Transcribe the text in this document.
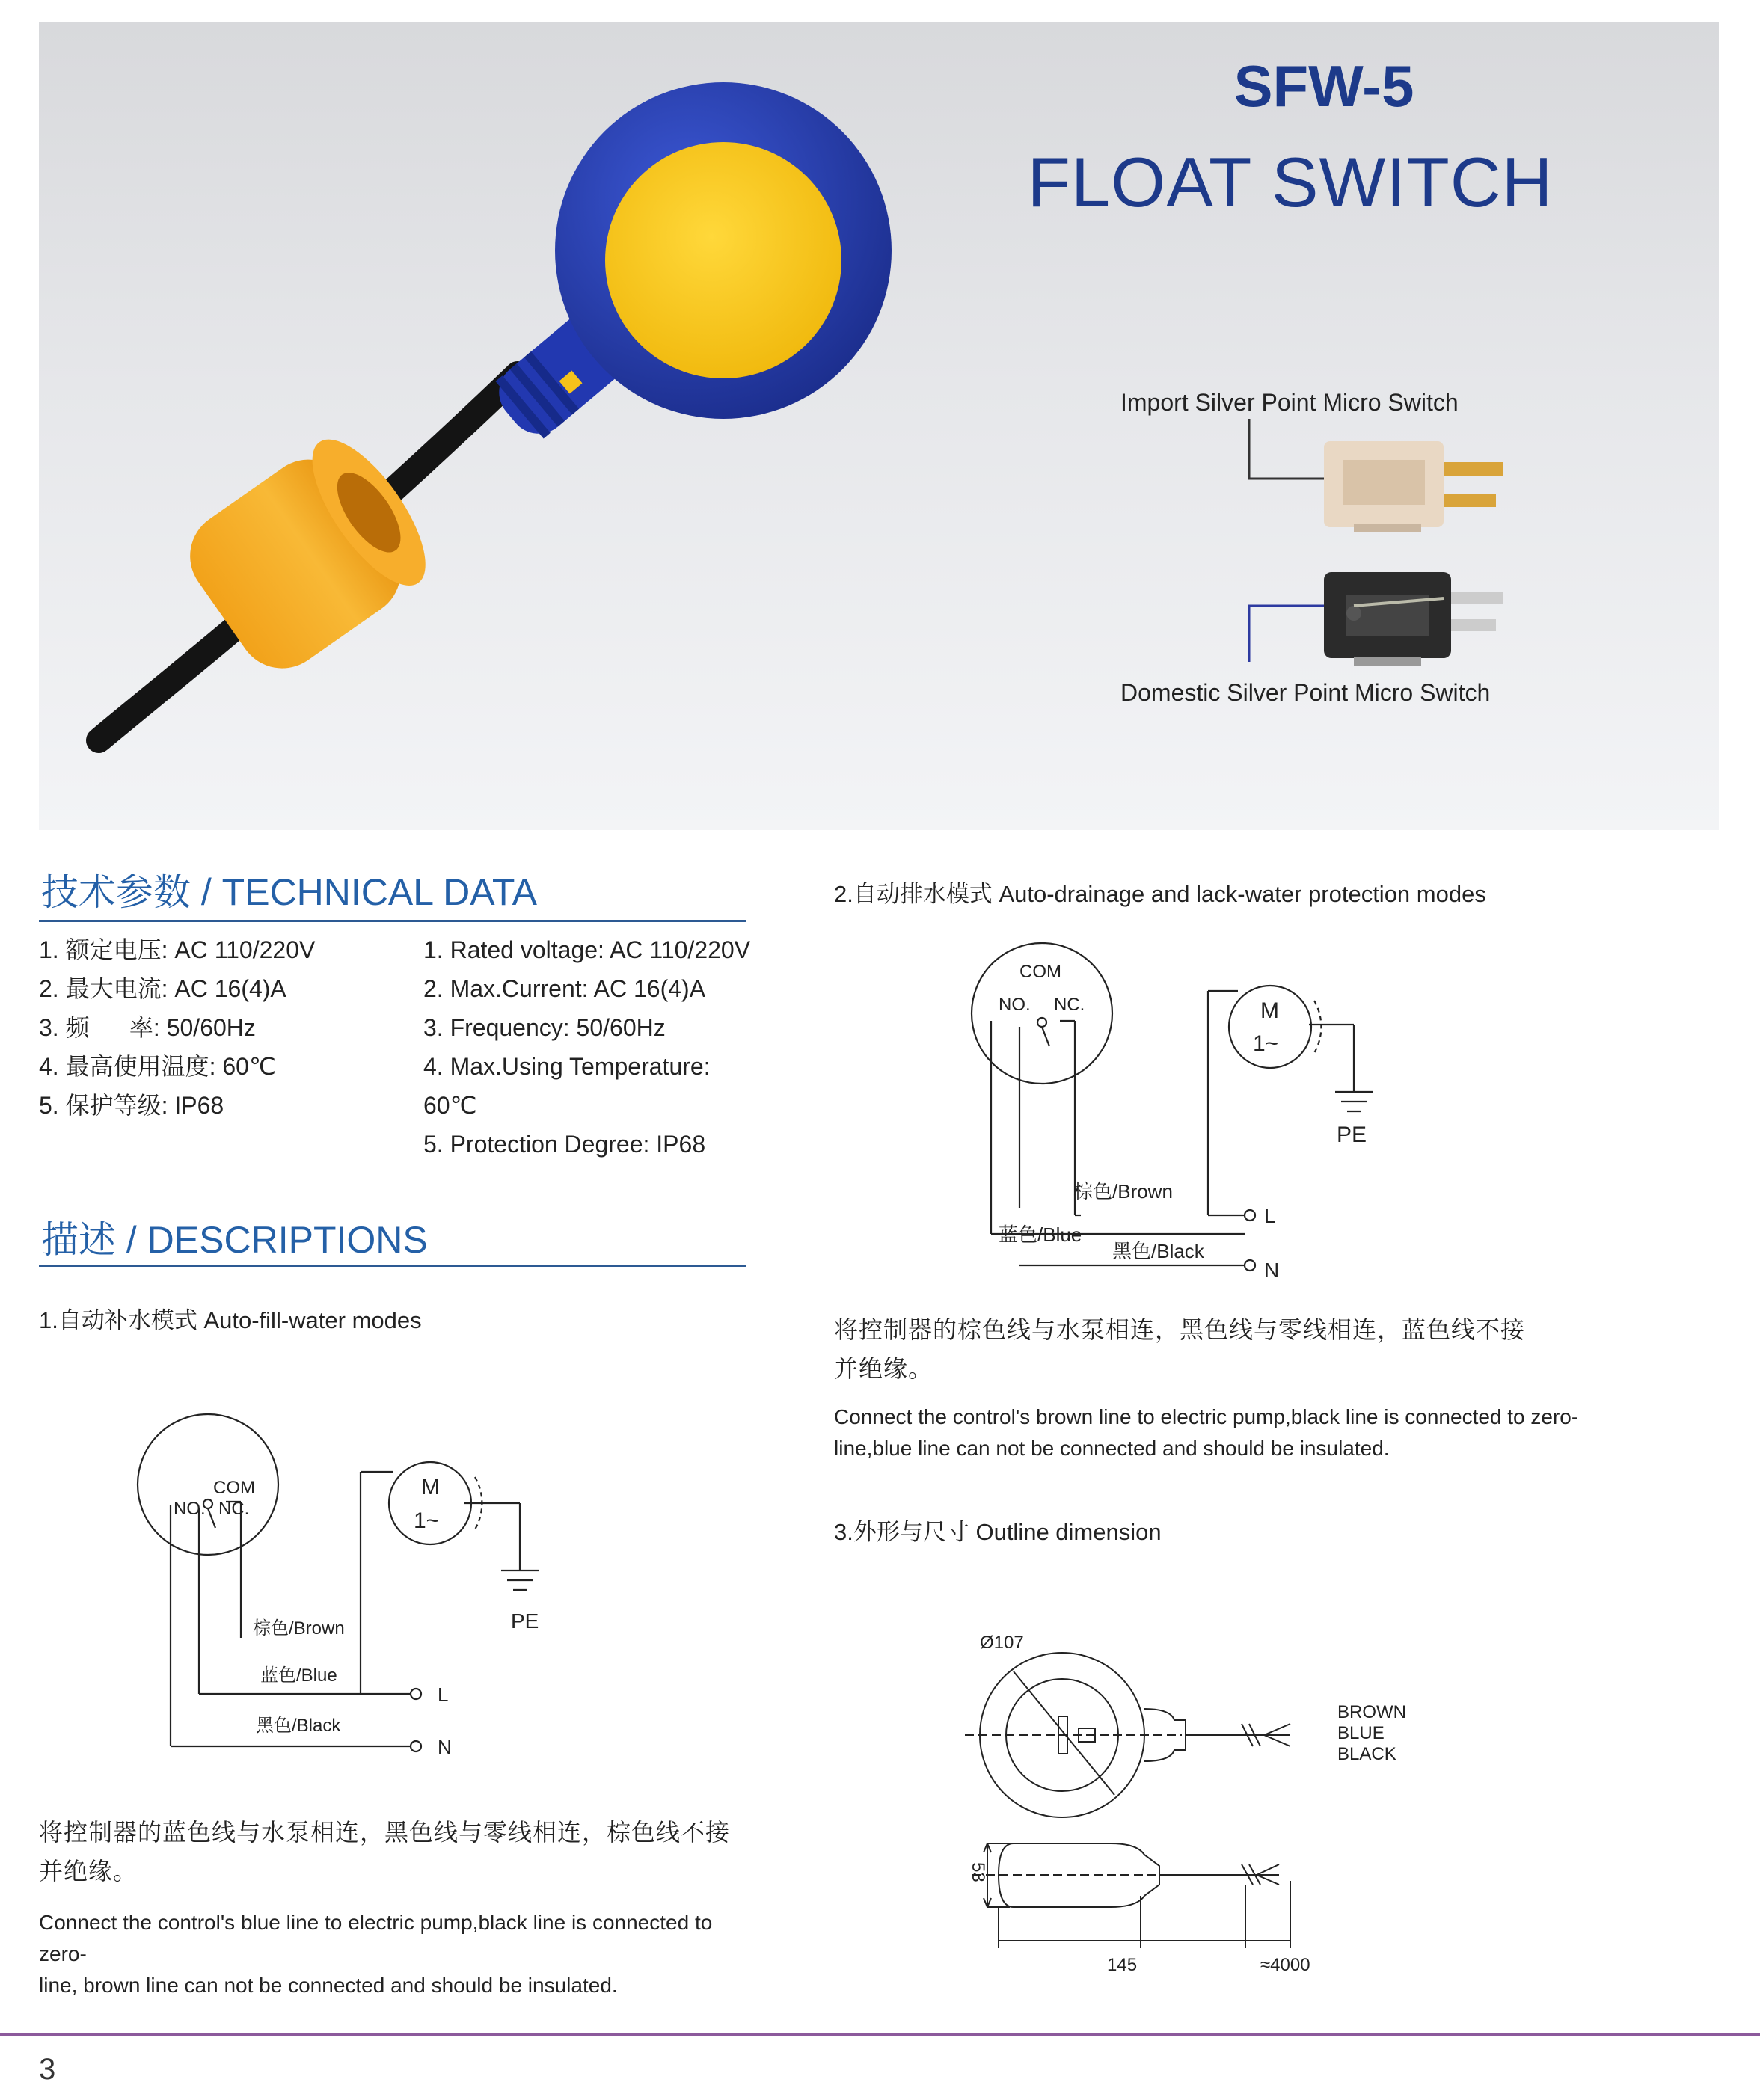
SFW-5
FLOAT SWITCH
Import Silver Point Micro Switch
Domestic Silver Point Micro Switch
技术参数 / TECHNICAL DATA
1. 额定电压: AC 110/220V
2. 最大电流: AC 16(4)A
3. 频      率: 50/60Hz
4. 最高使用温度: 60℃
5. 保护等级: IP68
1. Rated voltage: AC 110/220V
2. Max.Current: AC 16(4)A
3. Frequency: 50/60Hz
4. Max.Using Temperature: 60℃
5. Protection Degree: IP68
描述 / DESCRIPTIONS
1.自动补水模式 Auto-fill-water modes
COM
NO. NC.
M
1~
PE
棕色/Brown
蓝色/Blue
黑色/Black
L
N
将控制器的蓝色线与水泵相连，黑色线与零线相连，棕色线不接
并绝缘。
Connect the control's blue line to electric pump,black line is connected to zero-
line, brown line can not be connected and should be insulated.
2.自动排水模式 Auto-drainage and lack-water protection modes
COM
NO. NC.	M
1~
PE
棕色/Brown
蓝色/Blue
黑色/Black
L
N
将控制器的棕色线与水泵相连，黑色线与零线相连，蓝色线不接
并绝缘。
Connect the control's brown line to electric pump,black line is connected to zero-
line,blue line can not be connected and should be insulated.
3.外形与尺寸 Outline dimension
Ø107
BROWN
BLUE
BLACK
53
145	≈4000
3
